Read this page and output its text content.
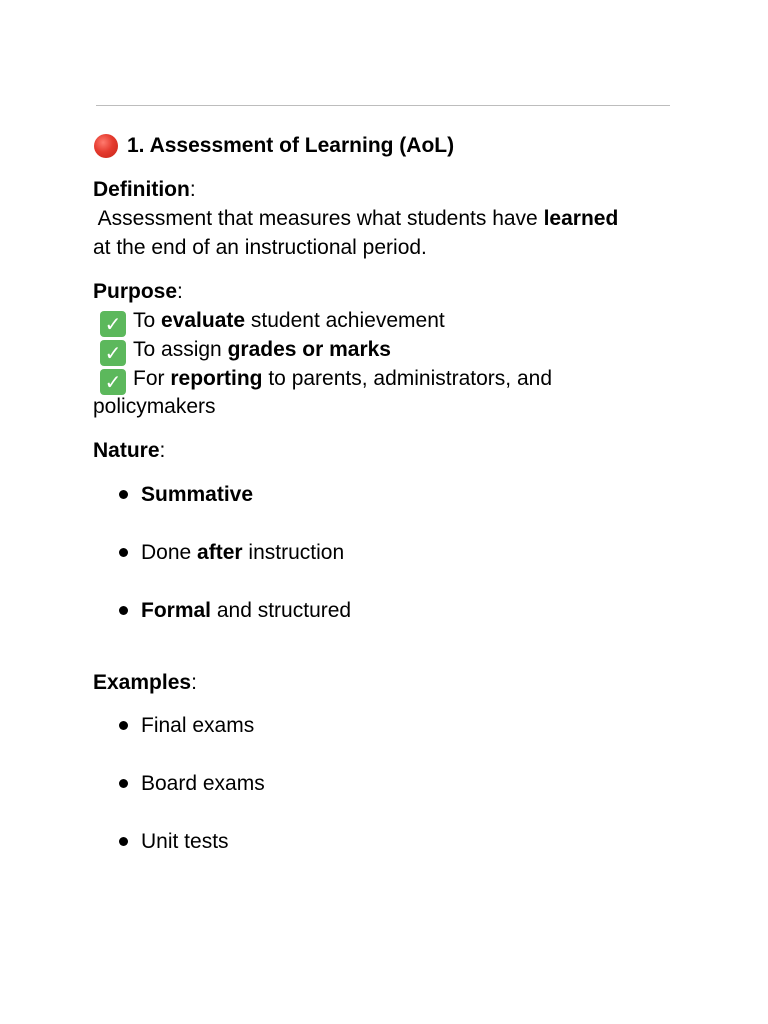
1. Assessment of Learning (AoL)
Definition:
Assessment that measures what students have learned
at the end of an instructional period.
Purpose:
✓ To evaluate student achievement
✓ To assign grades or marks
✓ For reporting to parents, administrators, and
policymakers
Nature:
Summative
Done after instruction
Formal and structured
Examples:
Final exams
Board exams
Unit tests
